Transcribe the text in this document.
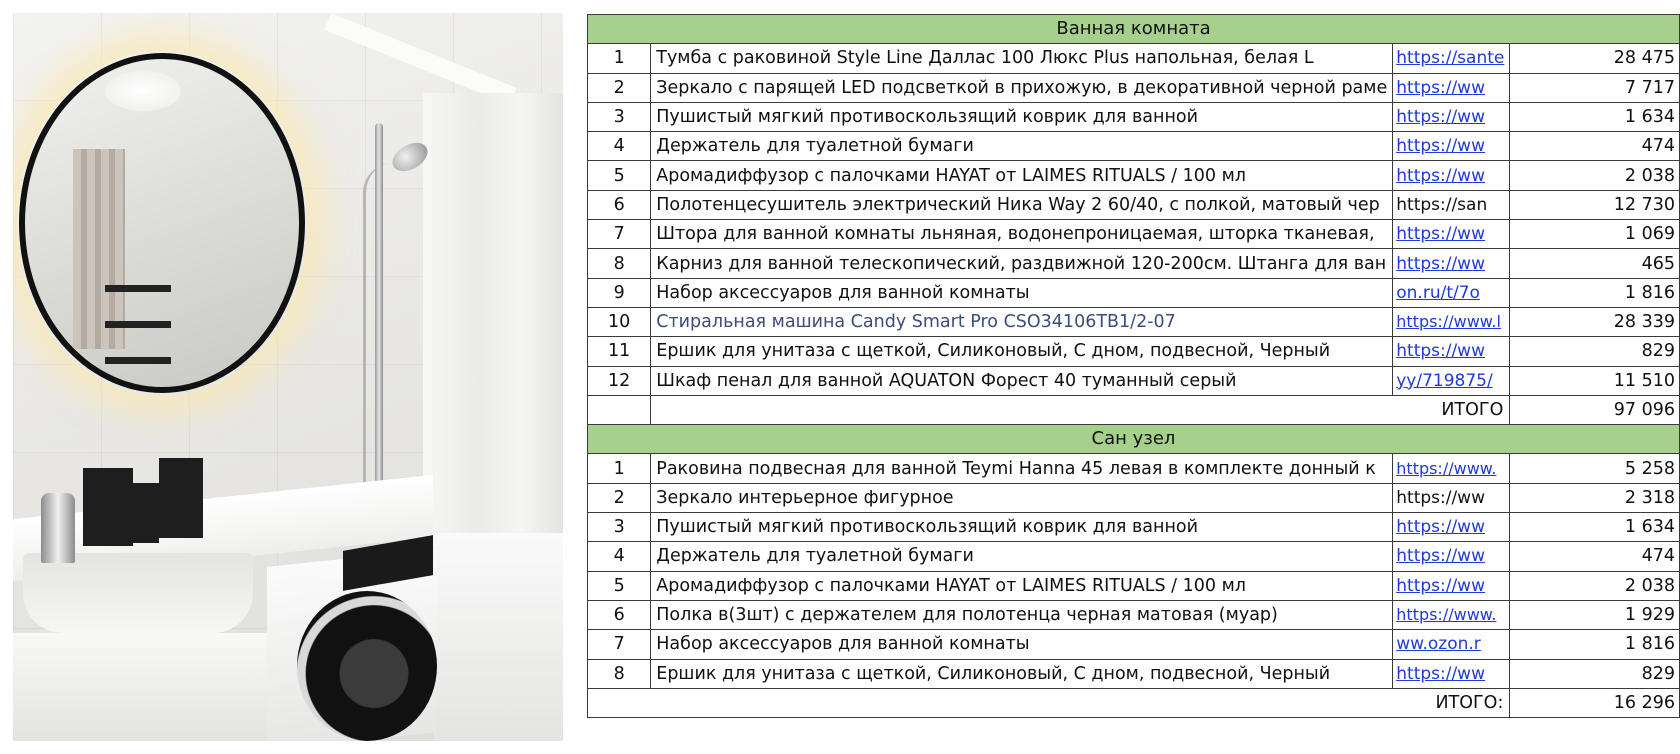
Ванная комната			
1	Тумба с раковиной Style Line Даллас 100 Люкс Plus напольная, белая L	https://sante	28 475
2	Зеркало с парящей LED подсветкой в прихожую, в декоративной черной раме	https://ww	7 717
3	Пушистый мягкий противоскользящий коврик для ванной	https://ww	1 634
4	Держатель для туалетной бумаги	https://ww	474
5	Аромадиффузор с палочками HAYAT от LAIMES RITUALS / 100 мл	https://ww	2 038
6	Полотенцесушитель электрический Ника Way 2 60/40, с полкой, матовый чер	https://san	12 730
7	Штора для ванной комнаты льняная, водонепроницаемая, шторка тканевая,	https://ww	1 069
8	Карниз для ванной телескопический, раздвижной 120-200см. Штанга для ван	https://ww	465
9	Набор аксессуаров для ванной комнаты	on.ru/t/7o	1 816
10	Стиральная машина Candy Smart Pro CSO34106TB1/2-07	https://www.l	28 339
11	Ершик для унитаза с щеткой, Силиконовый, С дном, подвесной, Черный	https://ww	829
12	Шкаф пенал для ванной AQUATON Форест 40 туманный серый	yy/719875/	11 510
	ИТОГО		97 096
Сан узел			
1	Раковина подвесная для ванной Teymi Hanna 45 левая в комплекте донный к	https://www.	5 258
2	Зеркало интерьерное фигурное	https://ww	2 318
3	Пушистый мягкий противоскользящий коврик для ванной	https://ww	1 634
4	Держатель для туалетной бумаги	https://ww	474
5	Аромадиффузор с палочками HAYAT от LAIMES RITUALS / 100 мл	https://ww	2 038
6	Полка в(3шт) с держателем для полотенца черная матовая (муар)	https://www.	1 929
7	Набор аксессуаров для ванной комнаты	ww.ozon.r	1 816
8	Ершик для унитаза с щеткой, Силиконовый, С дном, подвесной, Черный	https://ww	829
ИТОГО:			16 296
